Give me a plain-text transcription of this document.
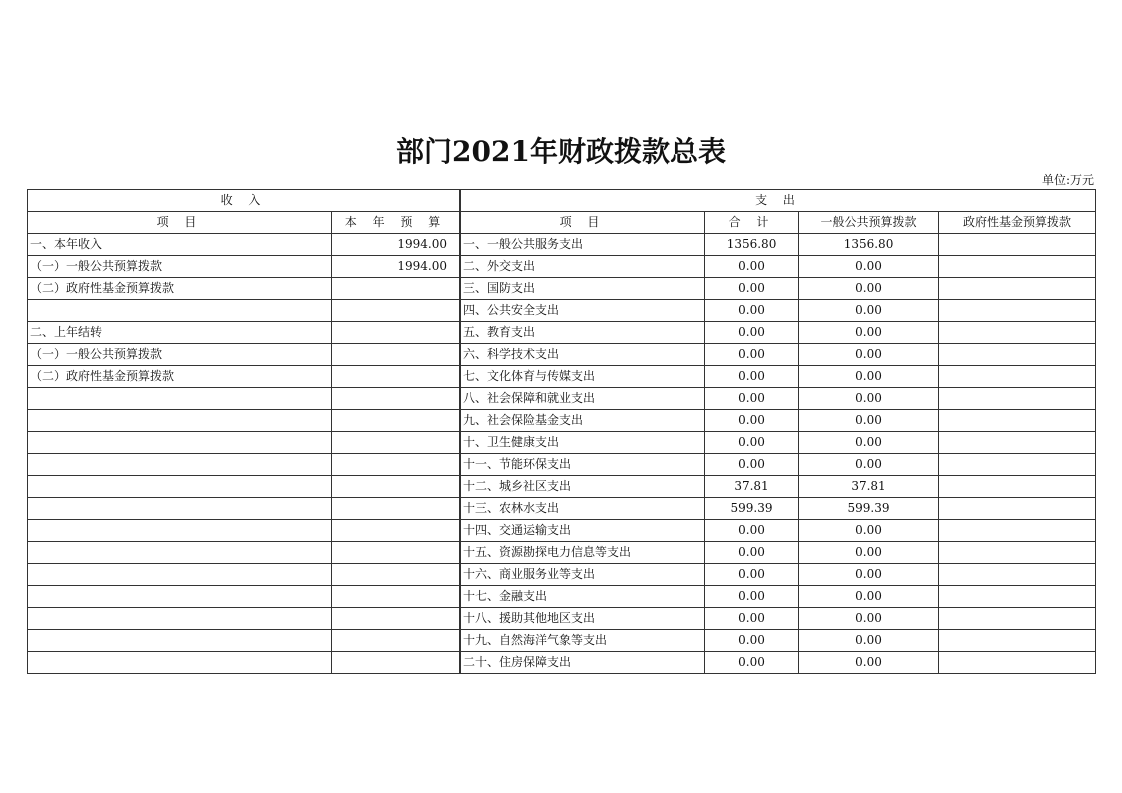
部门2021年财政拨款总表
单位:万元
收 入		支 出			
项 目	本 年 预 算		项 目	合 计	一般公共预算拨款	政府性基金预算拨款
一、本年收入	1994.00		一、一般公共服务支出	1356.80	1356.80	
（一）一般公共预算拨款	1994.00		二、外交支出	0.00	0.00	
（二）政府性基金预算拨款			三、国防支出	0.00	0.00	
			四、公共安全支出	0.00	0.00	
二、上年结转			五、教育支出	0.00	0.00	
（一）一般公共预算拨款			六、科学技术支出	0.00	0.00	
（二）政府性基金预算拨款			七、文化体育与传媒支出	0.00	0.00	
			八、社会保障和就业支出	0.00	0.00	
			九、社会保险基金支出	0.00	0.00	
			十、卫生健康支出	0.00	0.00	
			十一、节能环保支出	0.00	0.00	
			十二、城乡社区支出	37.81	37.81	
			十三、农林水支出	599.39	599.39	
			十四、交通运输支出	0.00	0.00	
			十五、资源勘探电力信息等支出	0.00	0.00	
			十六、商业服务业等支出	0.00	0.00	
			十七、金融支出	0.00	0.00	
			十八、援助其他地区支出	0.00	0.00	
			十九、自然海洋气象等支出	0.00	0.00	
			二十、住房保障支出	0.00	0.00	
